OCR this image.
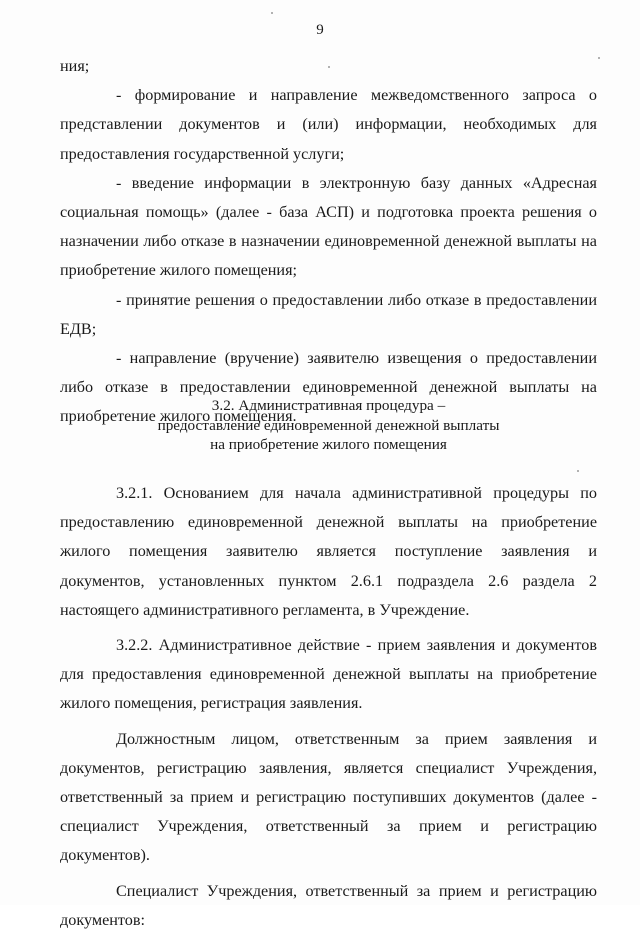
9

ния;

- формирование и направление межведомственного запроса о представлении документов и (или) информации, необходимых для предоставления государственной услуги;

- введение информации в электронную базу данных «Адресная социальная помощь» (далее - база АСП) и подготовка проекта решения о назначении либо отказе в назначении единовременной денежной выплаты на приобретение жилого помещения;

- принятие решения о предоставлении либо отказе в предоставлении ЕДВ;

- направление (вручение) заявителю извещения о предоставлении либо отказе в предоставлении единовременной денежной выплаты на приобретение жилого помещения.

3.2. Административная процедура –
предоставление единовременной денежной выплаты
на приобретение жилого помещения

3.2.1. Основанием для начала административной процедуры по предоставлению единовременной денежной выплаты на приобретение жилого помещения заявителю является поступление заявления и документов, установленных пунктом 2.6.1 подраздела 2.6 раздела 2 настоящего административного регламента, в Учреждение.

3.2.2. Административное действие - прием заявления и документов для предоставления единовременной денежной выплаты на приобретение жилого помещения, регистрация заявления.

Должностным лицом, ответственным за прием заявления и документов, регистрацию заявления, является специалист Учреждения, ответственный за прием и регистрацию поступивших документов (далее - специалист Учреждения, ответственный за прием и регистрацию документов).

Специалист Учреждения, ответственный за прием и регистрацию документов:
